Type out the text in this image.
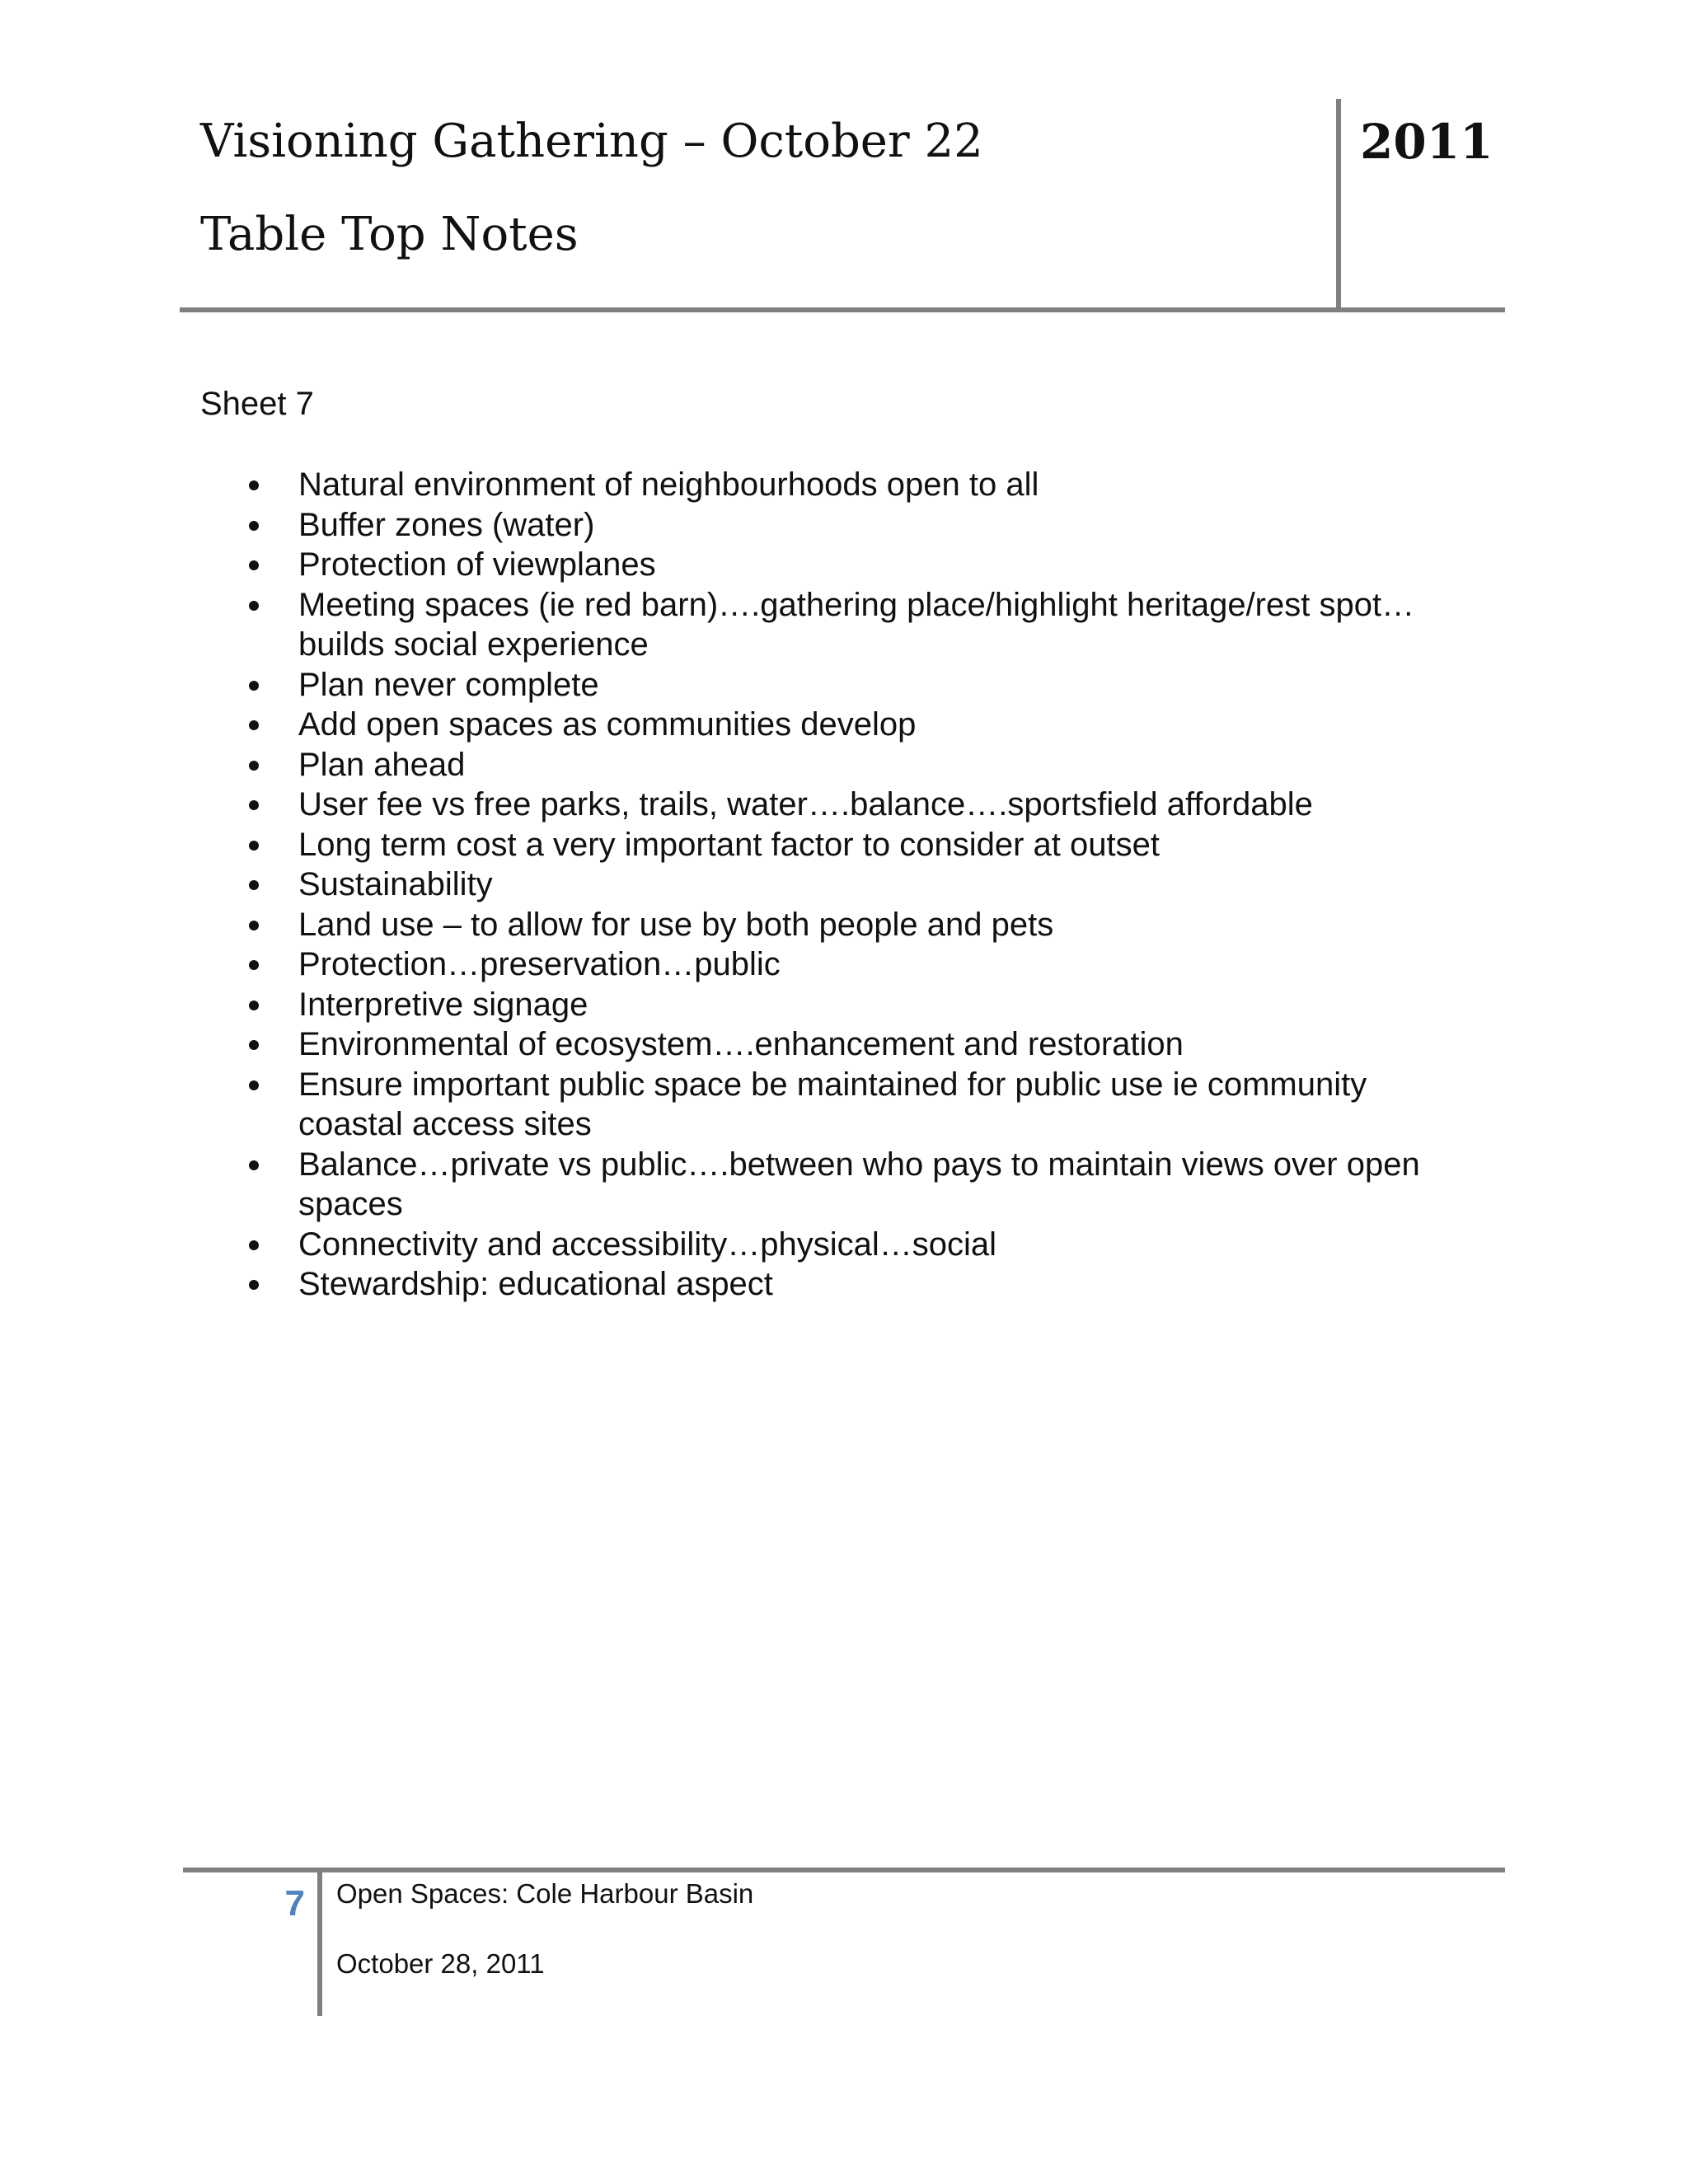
Visioning Gathering – October 22
Table Top Notes
2011
Sheet 7
Natural environment of neighbourhoods open to all
Buffer zones (water)
Protection of viewplanes
Meeting spaces (ie red barn)….gathering place/highlight heritage/rest spot…builds social experience
Plan never complete
Add open spaces as communities develop
Plan ahead
User fee vs free parks, trails, water….balance….sportsfield affordable
Long term cost a very important factor to consider at outset
Sustainability
Land use – to allow for use by both people and pets
Protection…preservation…public
Interpretive signage
Environmental of ecosystem….enhancement and restoration
Ensure important public space be maintained for public use ie community coastal access sites
Balance…private vs public….between who pays to maintain views over open spaces
Connectivity and accessibility…physical…social
Stewardship: educational aspect
7 Open Spaces: Cole Harbour Basin
October 28, 2011
